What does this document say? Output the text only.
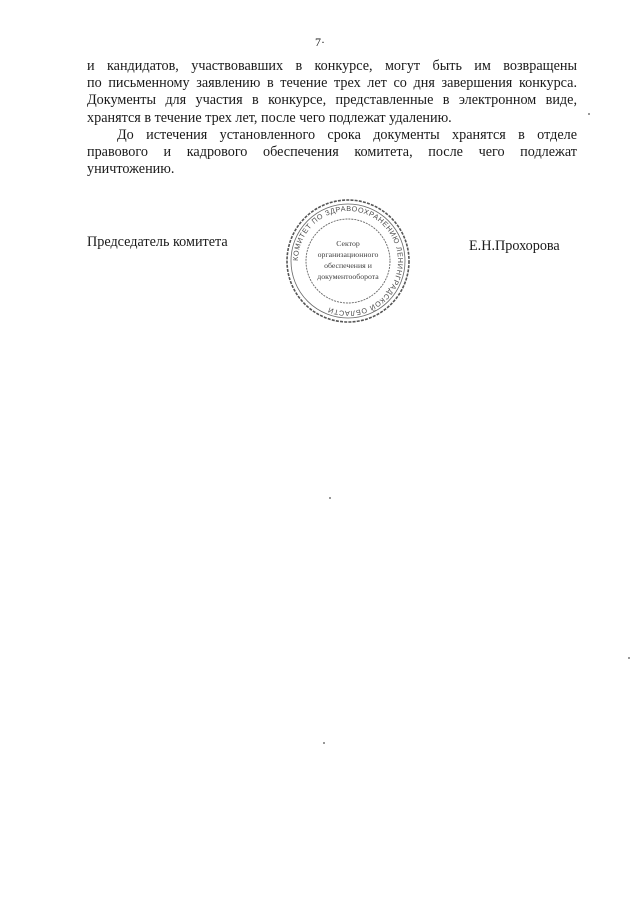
7·

и кандидатов, участвовавших в конкурсе, могут быть им возвращены
по письменному заявлению в течение трех лет со дня завершения конкурса.
Документы для участия в конкурсе, представленные в электронном виде,
хранятся в течение трех лет, после чего подлежат удалению.

До истечения установленного срока документы хранятся в отделе
правового и кадрового обеспечения комитета, после чего подлежат
уничтожению.

Председатель комитета	Е.Н.Прохорова
КОМИТЕТ ПО ЗДРАВООХРАНЕНИЮ ЛЕНИНГРАДСКОЙ ОБЛАСТИ
Сектор
организационного
обеспечения и
документооборота
